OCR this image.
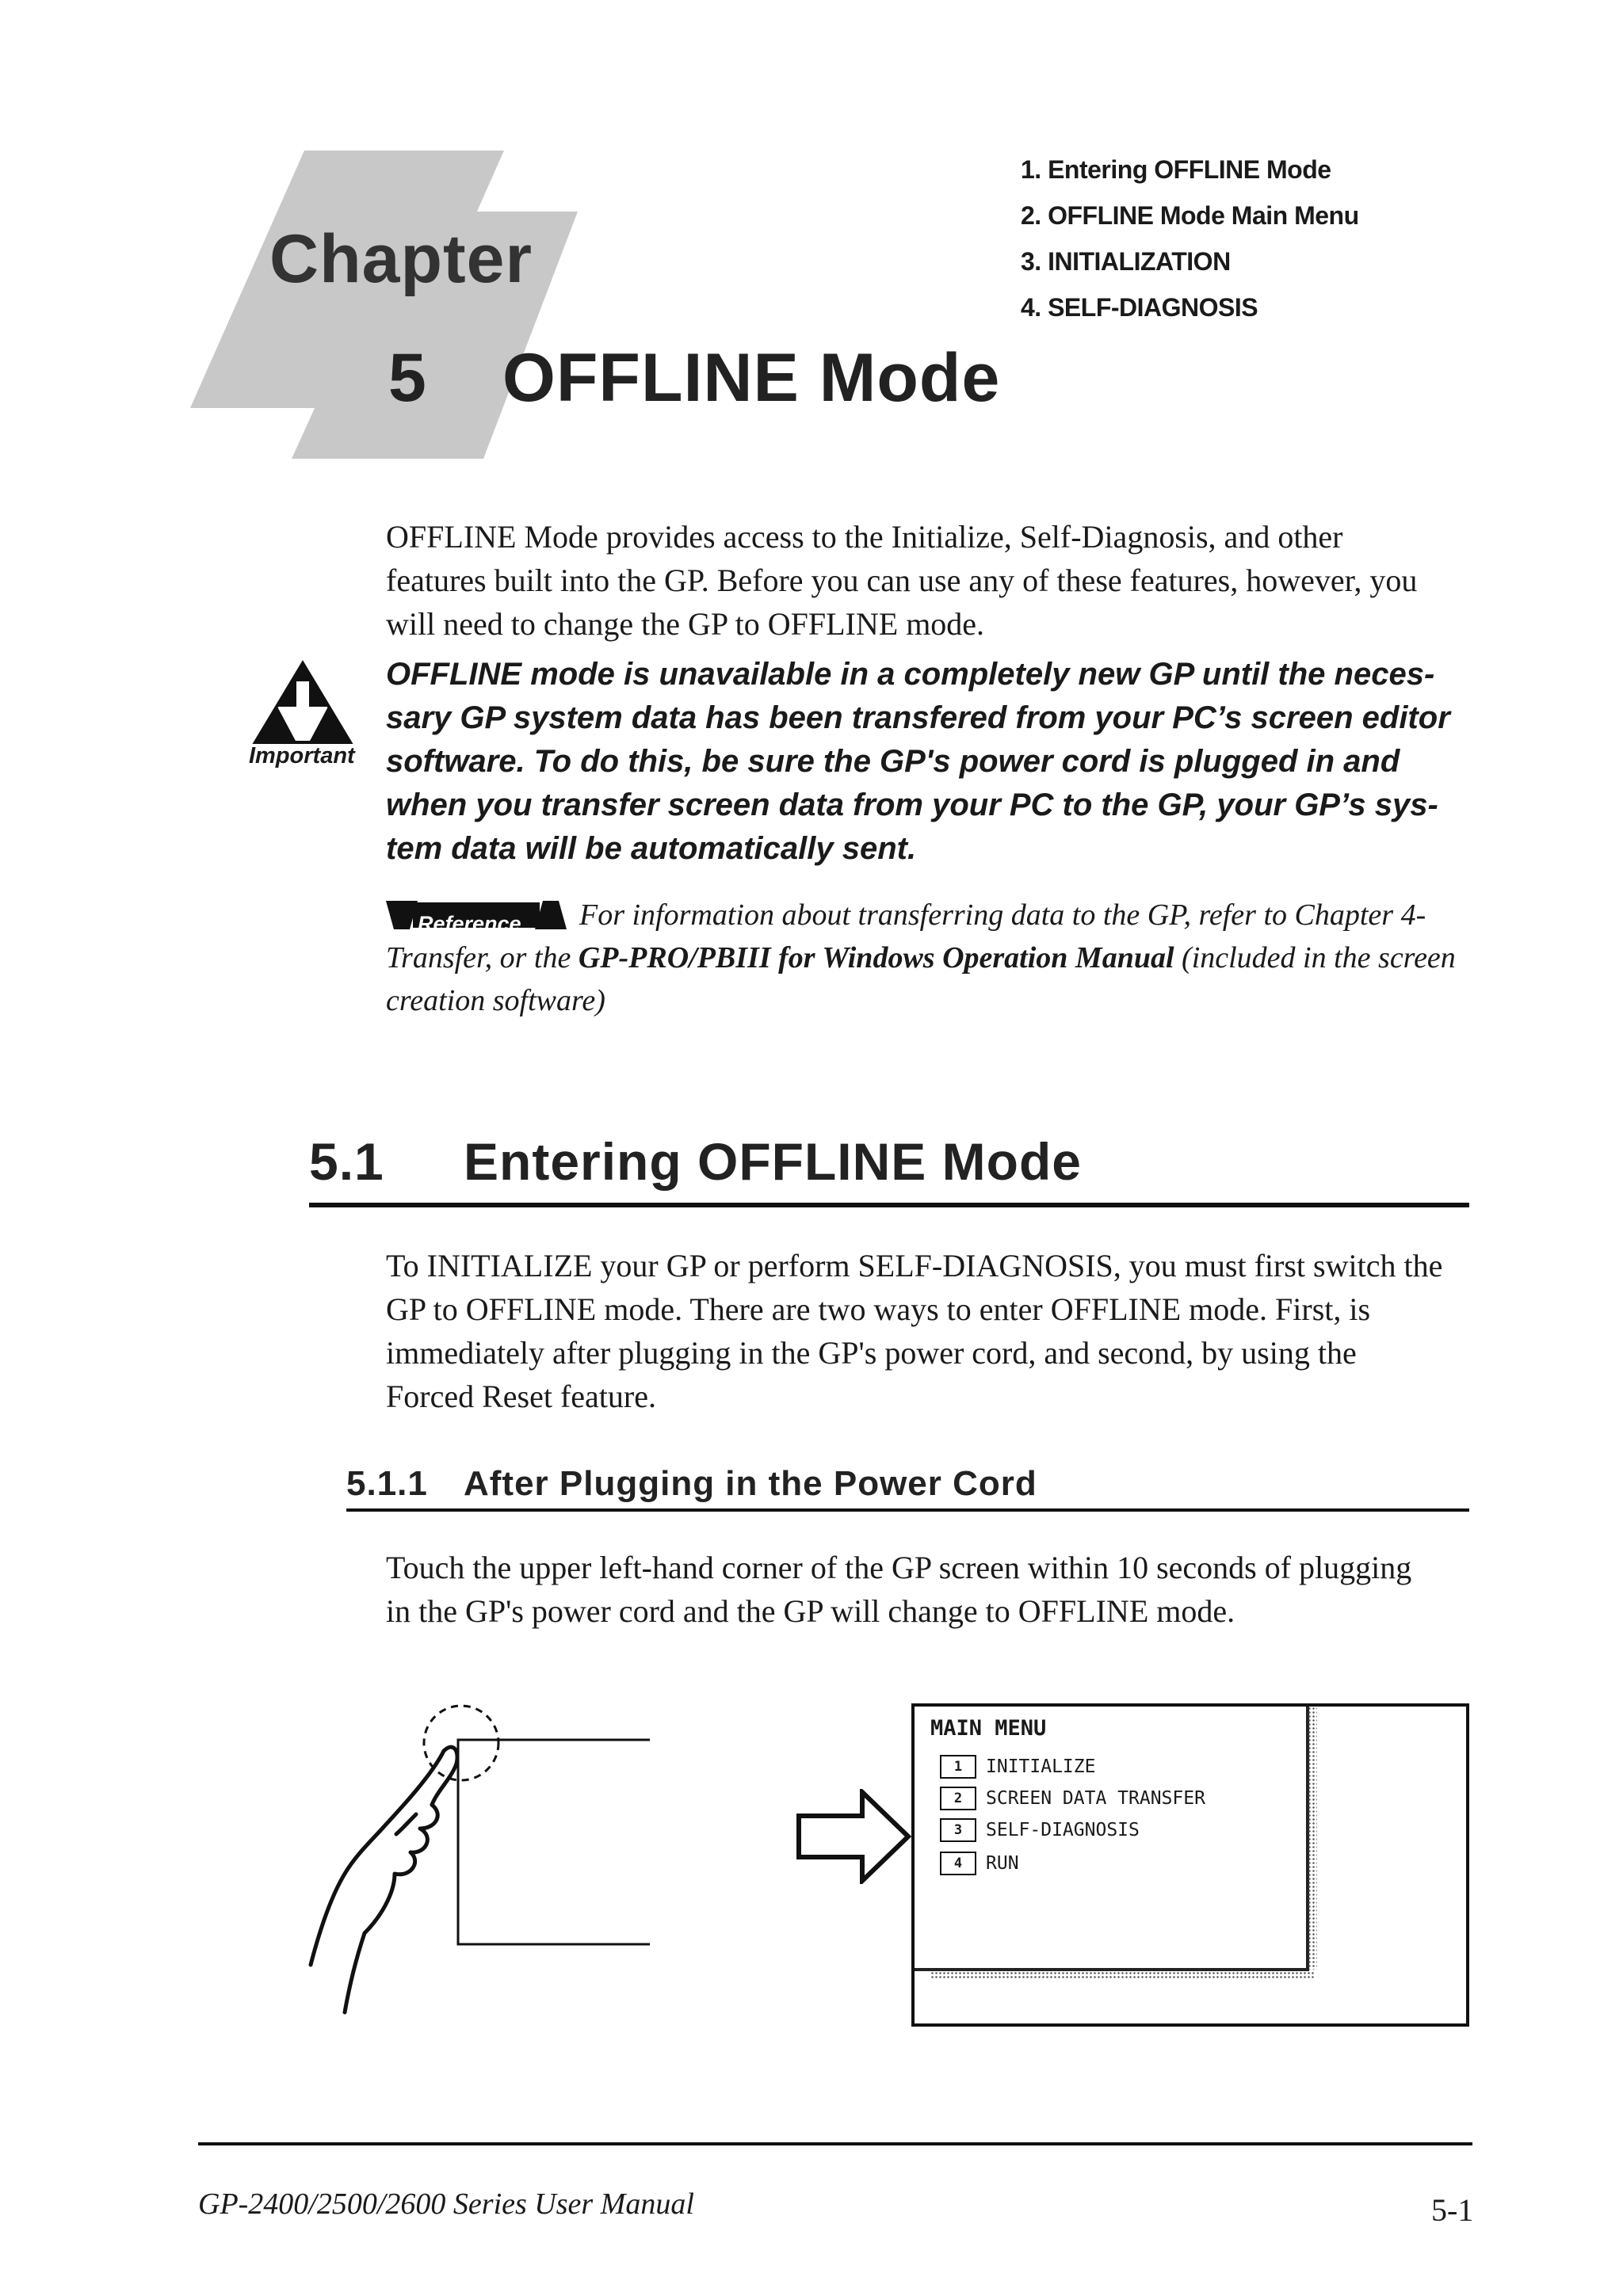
Chapter
5 OFFLINE Mode
1. Entering OFFLINE Mode
2. OFFLINE Mode Main Menu
3. INITIALIZATION
4. SELF-DIAGNOSIS
OFFLINE Mode provides access to the Initialize, Self-Diagnosis, and other
features built into the GP. Before you can use any of these features, however, you
will need to change the GP to OFFLINE mode.
Important
OFFLINE mode is unavailable in a completely new GP until the neces-
sary GP system data has been transfered from your PC’s screen editor
software. To do this, be sure the GP's power cord is plugged in and
when you transfer screen data from your PC to the GP, your GP’s sys-
tem data will be automatically sent.
Reference For information about transferring data to the GP, refer to Chapter 4-
Transfer, or the GP-PRO/PBIII for Windows Operation Manual (included in the screen
creation software)
5.1 Entering OFFLINE Mode
To INITIALIZE your GP or perform SELF-DIAGNOSIS, you must first switch the
GP to OFFLINE mode. There are two ways to enter OFFLINE mode. First, is
immediately after plugging in the GP's power cord, and second, by using the
Forced Reset feature.
5.1.1 After Plugging in the Power Cord
Touch the upper left-hand corner of the GP screen within 10 seconds of plugging
in the GP's power cord and the GP will change to OFFLINE mode.
MAIN MENU
1	INITIALIZE
2	SCREEN DATA TRANSFER
3	SELF-DIAGNOSIS
4	RUN
GP-2400/2500/2600 Series User Manual	5-1
